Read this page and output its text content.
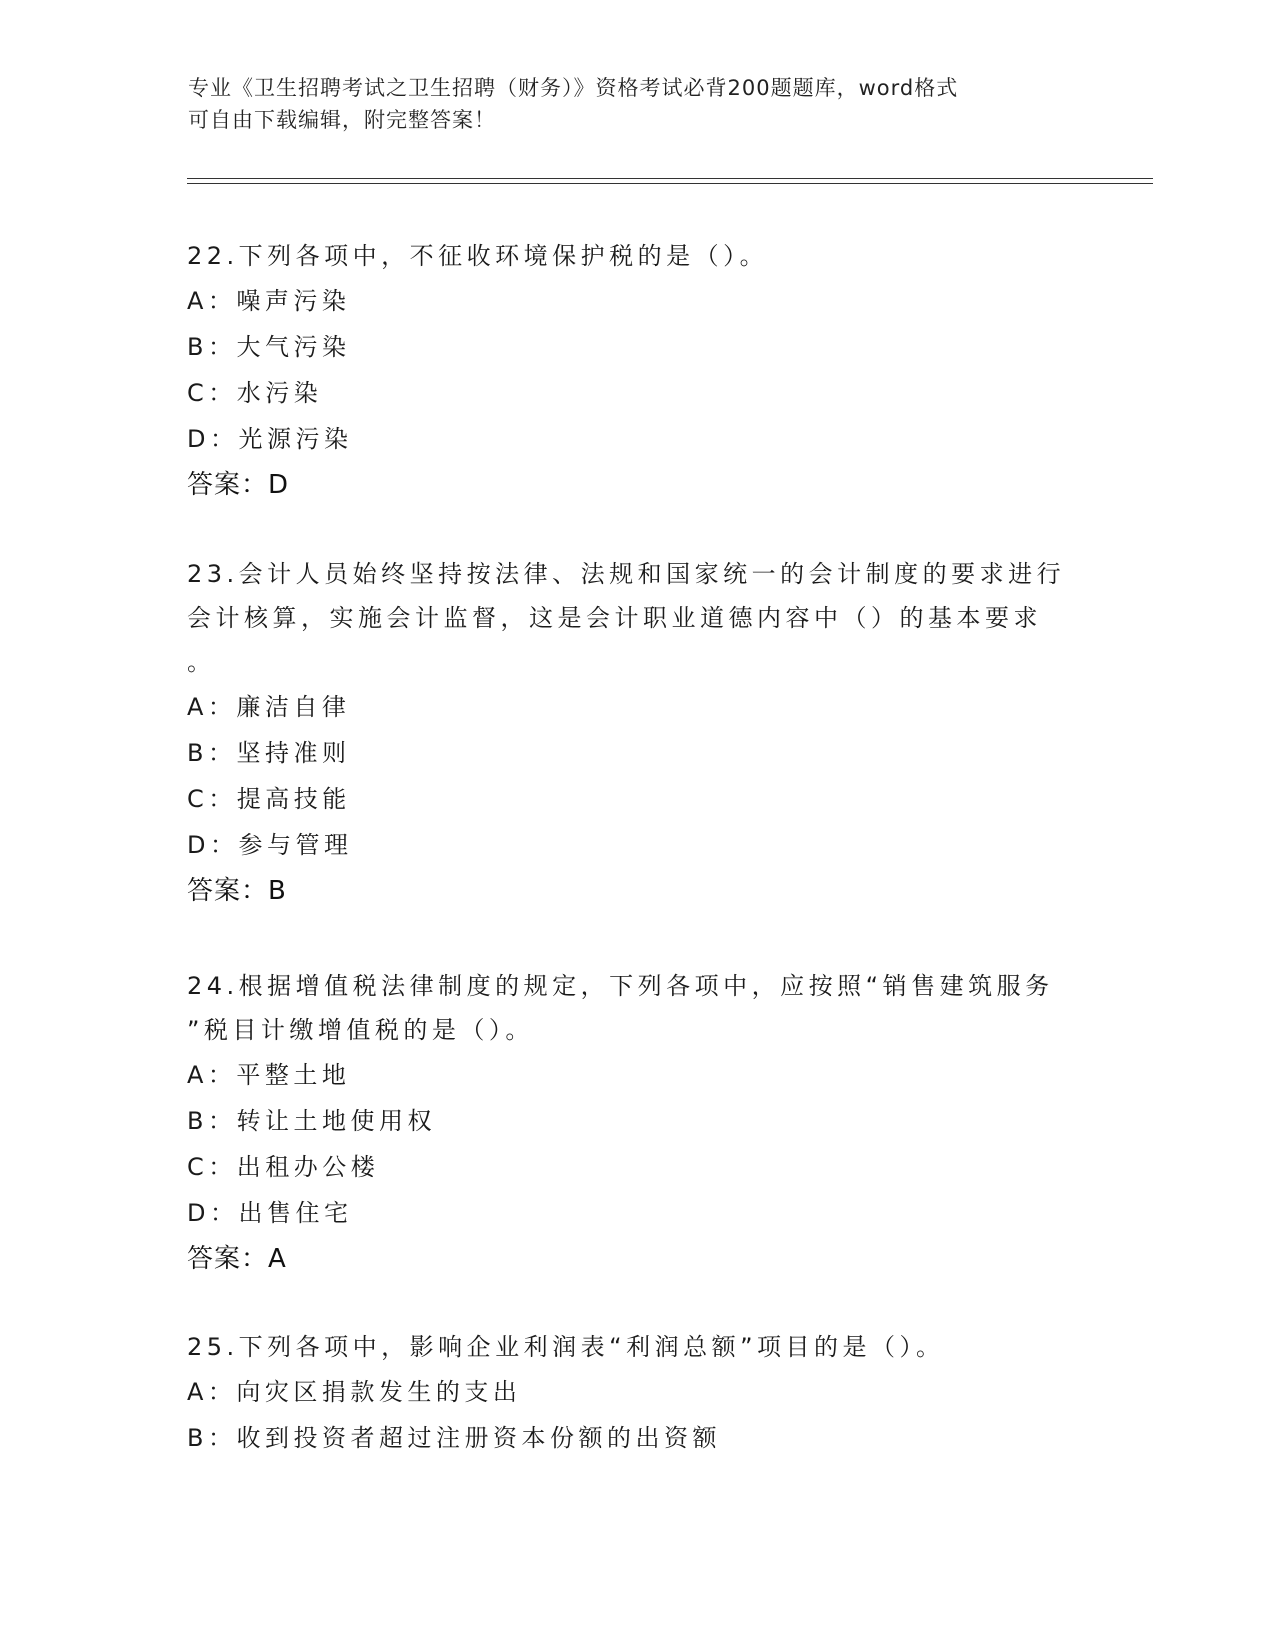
专业《卫生招聘考试之卫生招聘（财务）》资格考试必背200题题库，word格式
可自由下载编辑，附完整答案！
22.下列各项中，不征收环境保护税的是（）。
A：噪声污染
B：大气污染
C：水污染
D：光源污染
答案：D
23.会计人员始终坚持按法律、法规和国家统一的会计制度的要求进行
会计核算，实施会计监督，这是会计职业道德内容中（）的基本要求
。
A：廉洁自律
B：坚持准则
C：提高技能
D：参与管理
答案：B
24.根据增值税法律制度的规定，下列各项中，应按照“销售建筑服务
”税目计缴增值税的是（）。
A：平整土地
B：转让土地使用权
C：出租办公楼
D：出售住宅
答案：A
25.下列各项中，影响企业利润表“利润总额”项目的是（）。
A：向灾区捐款发生的支出
B：收到投资者超过注册资本份额的出资额
